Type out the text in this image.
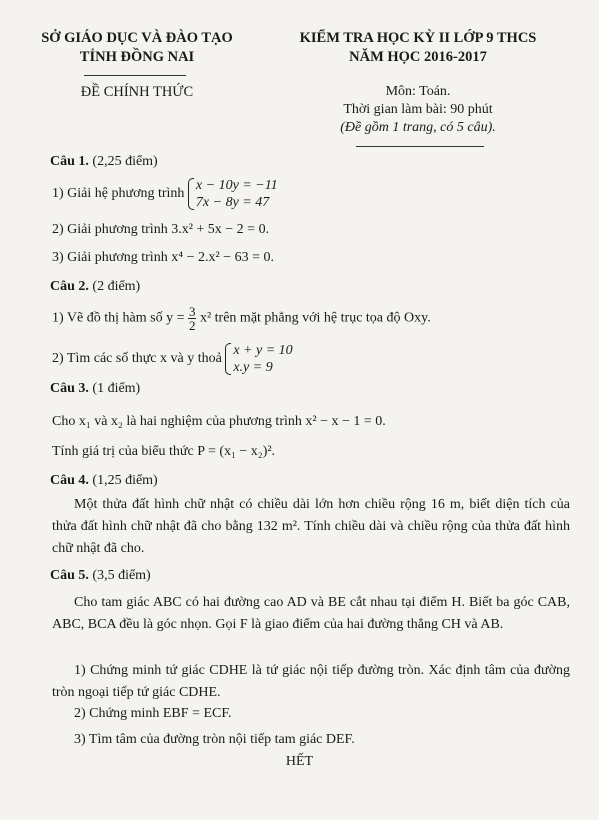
SỞ GIÁO DỤC VÀ ĐÀO TẠO
TỈNH ĐỒNG NAI
ĐỀ CHÍNH THỨC
KIỂM TRA HỌC KỲ II LỚP 9 THCS
NĂM HỌC 2016-2017
Môn: Toán.
Thời gian làm bài: 90 phút
(Đề gồm 1 trang, có 5 câu).
Câu 1. (2,25 điểm)
1) Giải hệ phương trình
x − 10y = −11
7x − 8y = 47
2) Giải phương trình 3.x² + 5x − 2 = 0.
3) Giải phương trình x⁴ − 2.x² − 63 = 0.
Câu 2. (2 điểm)
1) Vẽ đồ thị hàm số $y = \frac{3}{2} x^2$ trên mặt phẳng với hệ trục tọa độ Oxy.
2) Tìm các số thực x và y thoả
x + y = 10
x.y = 9
Câu 3. (1 điểm)
Cho x₁ và x₂ là hai nghiệm của phương trình x² − x − 1 = 0.
Tính giá trị của biểu thức P = (x₁ − x₂)².
Câu 4. (1,25 điểm)
Một thửa đất hình chữ nhật có chiều dài lớn hơn chiều rộng 16 m, biết diện tích của thửa đất hình chữ nhật đã cho bằng 132 m². Tính chiều dài và chiều rộng của thửa đất hình chữ nhật đã cho.
Câu 5. (3,5 điểm)
Cho tam giác ABC có hai đường cao AD và BE cắt nhau tại điểm H. Biết ba góc CAB, ABC, BCA đều là góc nhọn. Gọi F là giao điểm của hai đường thẳng CH và AB.
1) Chứng minh tứ giác CDHE là tứ giác nội tiếp đường tròn. Xác định tâm của đường tròn ngoại tiếp tứ giác CDHE.
2) Chứng minh EBF = ECF.
3) Tìm tâm của đường tròn nội tiếp tam giác DEF.
HẾT
